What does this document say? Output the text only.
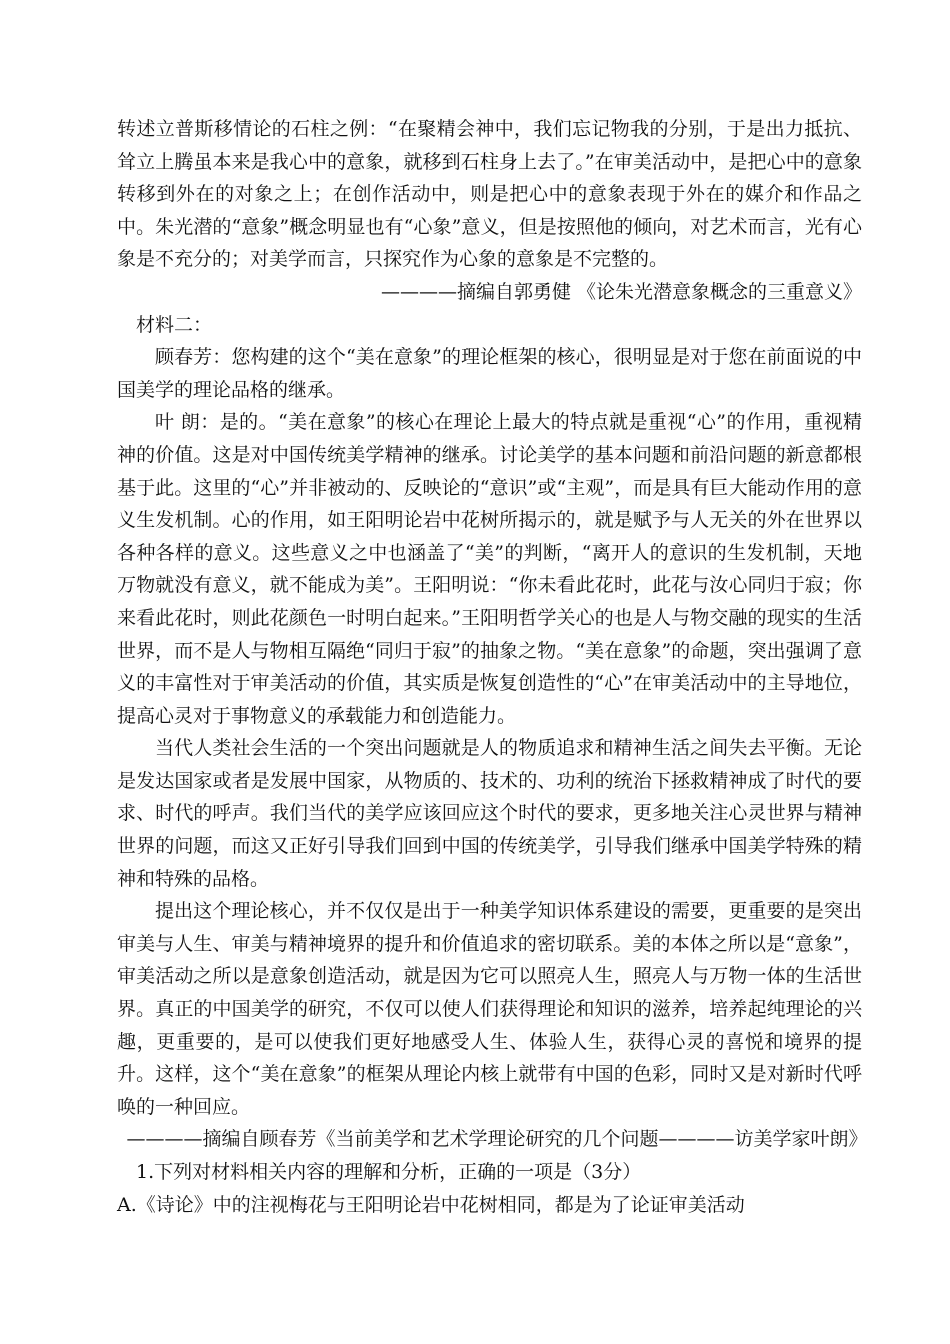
转述立普斯移情论的石柱之例：“在聚精会神中，我们忘记物我的分别，于是出力抵抗、耸立上腾虽本来是我心中的意象，就移到石柱身上去了。”在审美活动中，是把心中的意象转移到外在的对象之上；在创作活动中，则是把心中的意象表现于外在的媒介和作品之中。朱光潜的“意象”概念明显也有“心象”意义，但是按照他的倾向，对艺术而言，光有心象是不充分的；对美学而言，只探究作为心象的意象是不完整的。

————摘编自郭勇健 《论朱光潜意象概念的三重意义》

材料二：

顾春芳：您构建的这个“美在意象”的理论框架的核心，很明显是对于您在前面说的中国美学的理论品格的继承。

叶 朗：是的。“美在意象”的核心在理论上最大的特点就是重视“心”的作用，重视精神的价值。这是对中国传统美学精神的继承。讨论美学的基本问题和前沿问题的新意都根基于此。这里的“心”并非被动的、反映论的“意识”或“主观”，而是具有巨大能动作用的意义生发机制。心的作用，如王阳明论岩中花树所揭示的，就是赋予与人无关的外在世界以各种各样的意义。这些意义之中也涵盖了“美”的判断，“离开人的意识的生发机制，天地万物就没有意义，就不能成为美”。王阳明说：“你未看此花时，此花与汝心同归于寂；你来看此花时，则此花颜色一时明白起来。”王阳明哲学关心的也是人与物交融的现实的生活世界，而不是人与物相互隔绝“同归于寂”的抽象之物。“美在意象”的命题，突出强调了意义的丰富性对于审美活动的价值，其实质是恢复创造性的“心”在审美活动中的主导地位，提高心灵对于事物意义的承载能力和创造能力。

当代人类社会生活的一个突出问题就是人的物质追求和精神生活之间失去平衡。无论是发达国家或者是发展中国家，从物质的、技术的、功利的统治下拯救精神成了时代的要求、时代的呼声。我们当代的美学应该回应这个时代的要求，更多地关注心灵世界与精神世界的问题，而这又正好引导我们回到中国的传统美学，引导我们继承中国美学特殊的精神和特殊的品格。

提出这个理论核心，并不仅仅是出于一种美学知识体系建设的需要，更重要的是突出审美与人生、审美与精神境界的提升和价值追求的密切联系。美的本体之所以是“意象”，审美活动之所以是意象创造活动，就是因为它可以照亮人生，照亮人与万物一体的生活世界。真正的中国美学的研究，不仅可以使人们获得理论和知识的滋养，培养起纯理论的兴趣，更重要的，是可以使我们更好地感受人生、体验人生，获得心灵的喜悦和境界的提升。这样，这个“美在意象”的框架从理论内核上就带有中国的色彩，同时又是对新时代呼唤的一种回应。

————摘编自顾春芳《当前美学和艺术学理论研究的几个问题————访美学家叶朗》

1.下列对材料相关内容的理解和分析，正确的一项是（3分）

A.《诗论》中的注视梅花与王阳明论岩中花树相同，都是为了论证审美活动
